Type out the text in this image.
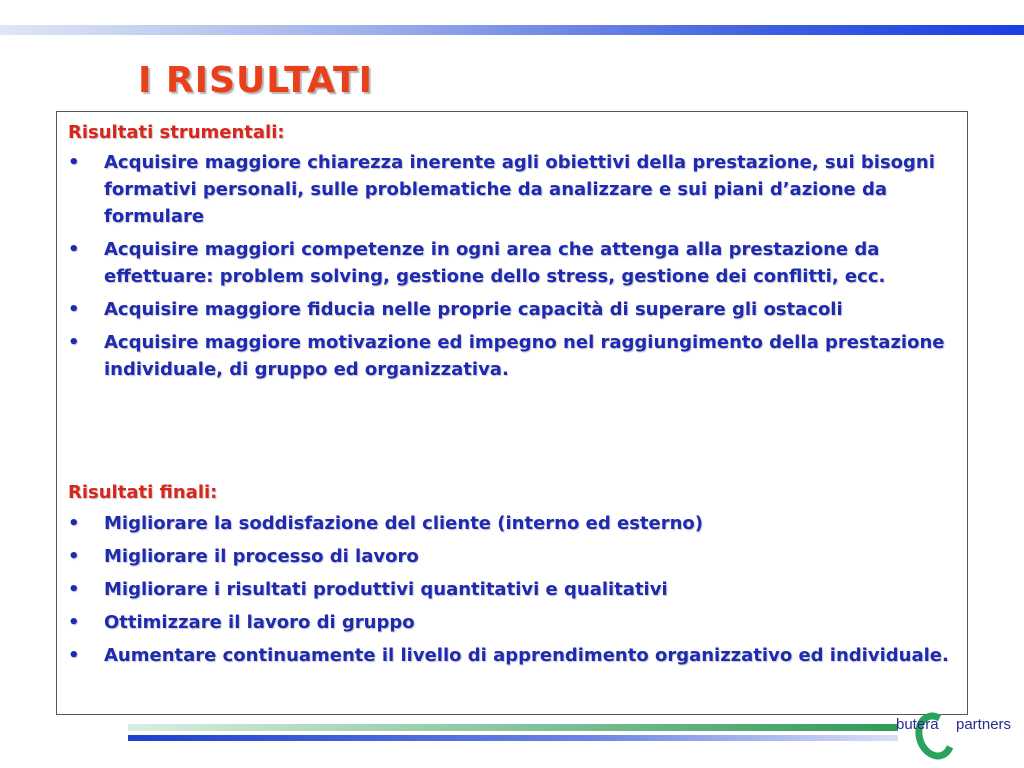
I RISULTATI
Risultati strumentali:
• Acquisire maggiore chiarezza inerente agli obiettivi della prestazione, sui bisogni formativi personali, sulle problematiche da analizzare e sui piani d’azione da formulare
• Acquisire maggiori competenze in ogni area che attenga alla prestazione da effettuare: problem solving, gestione dello stress, gestione dei conflitti, ecc.
• Acquisire maggiore fiducia nelle proprie capacità di superare gli ostacoli
• Acquisire maggiore motivazione ed impegno nel raggiungimento della prestazione individuale, di gruppo ed organizzativa.
Risultati finali:
• Migliorare la soddisfazione del cliente (interno ed esterno)
• Migliorare il processo di lavoro
• Migliorare i risultati produttivi quantitativi e qualitativi
• Ottimizzare il lavoro di gruppo
• Aumentare continuamente il livello di apprendimento organizzativo ed individuale.
butera partners
